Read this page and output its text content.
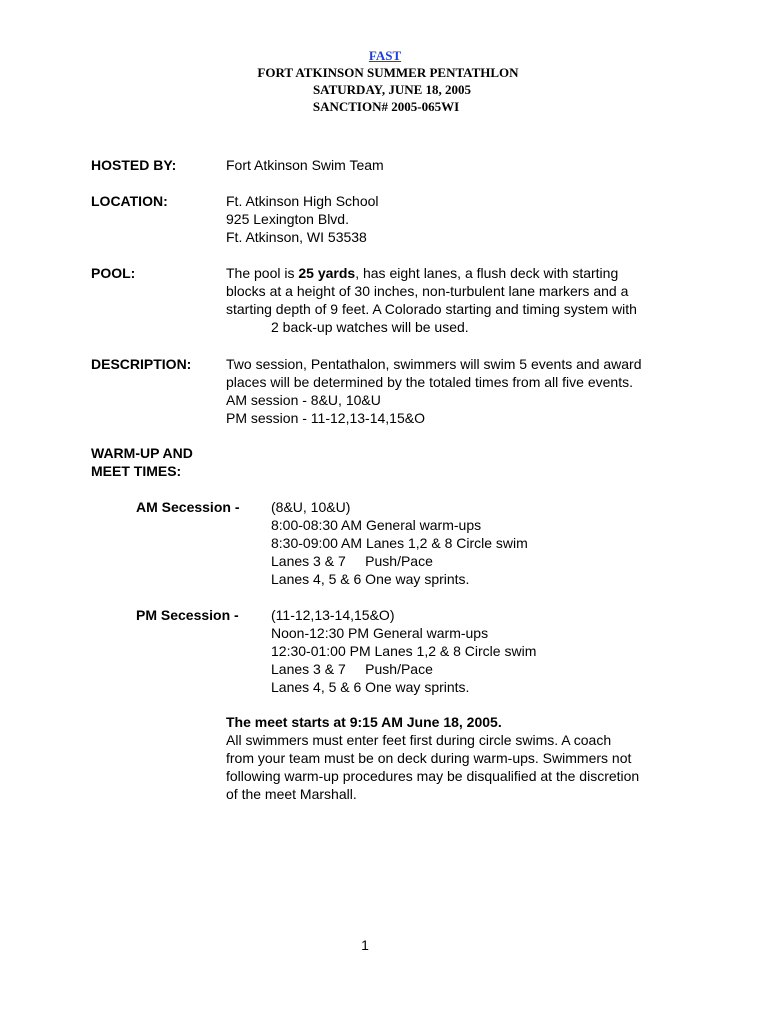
FAST
FORT ATKINSON SUMMER PENTATHLON
SATURDAY, JUNE 18, 2005
SANCTION# 2005-065WI
HOSTED BY:	Fort Atkinson Swim Team

LOCATION:	Ft. Atkinson High School

925 Lexington Blvd.

Ft. Atkinson, WI 53538

POOL:	The pool is 25 yards, has eight lanes, a flush deck with starting

blocks at a height of 30 inches, non-turbulent lane markers and a

starting depth of 9 feet. A Colorado starting and timing system with

2 back-up watches will be used.

DESCRIPTION: Two session, Pentathalon, swimmers will swim 5 events and award

places will be determined by the totaled times from all five events.

AM session - 8&U, 10&U

PM session - 11-12,13-14,15&O

WARM-UP AND
MEET TIMES:
AM Secession - (8&U, 10&U)

8:00-08:30 AM General warm-ups

8:30-09:00 AM Lanes 1,2 & 8 Circle swim

Lanes 3 & 7     Push/Pace

Lanes 4, 5 & 6 One way sprints.

PM Secession - (11-12,13-14,15&O)

Noon-12:30 PM General warm-ups

12:30-01:00 PM Lanes 1,2 & 8 Circle swim

Lanes 3 & 7     Push/Pace

Lanes 4, 5 & 6 One way sprints.

The meet starts at 9:15 AM June 18, 2005.

All swimmers must enter feet first during circle swims. A coach

from your team must be on deck during warm-ups. Swimmers not

following warm-up procedures may be disqualified at the discretion

of the meet Marshall.

1
